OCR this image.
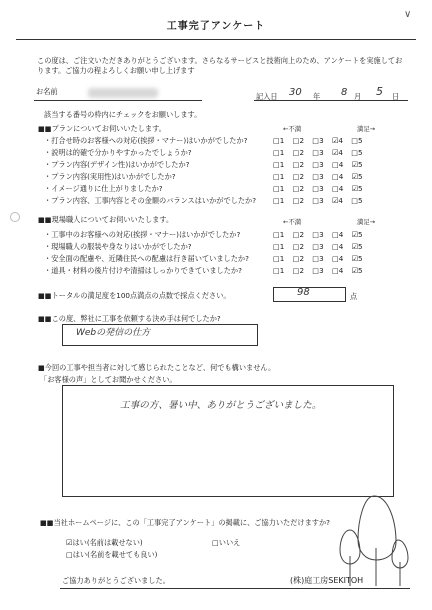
∨
工事完了アンケート
この度は、ご注文いただきありがとうございます。さらなるサービスと技術向上のため、アンケートを実施しております。ご協力の程よろしくお願い申し上げます
お名前
記入日 30 年 8 月 5 日
該当する番号の枠内にチェックをお願いします。
■■プランについてお伺いいたします。	←不満	満足→
・打合せ時のお客様への対応(挨拶・マナー)はいかがでしたか?	□1 □2 □3 ☑4 □5
・説明は的確で分かりやすかったでしょうか?	□1 □2 □3 ☑4 □5
・プラン内容(デザイン性)はいかがでしたか?	□1 □2 □3 □4 ☑5
・プラン内容(実用性)はいかがでしたか?	□1 □2 □3 □4 ☑5
・イメージ通りに仕上がりましたか?	□1 □2 □3 □4 ☑5
・プラン内容、工事内容とその金額のバランスはいかがでしたか? □1 □2 □3 ☑4 □5
■■現場職人についてお伺いいたします。	←不満	満足→
・工事中のお客様への対応(挨拶・マナー)はいかがでしたか?	□1 □2 □3 □4 ☑5
・現場職人の服装や身なりはいかがでしたか?	□1 □2 □3 □4 ☑5
・安全面の配慮や、近隣住民への配慮は行き届いていましたか?	□1 □2 □3 □4 ☑5
・道具・材料の後片付けや清掃はしっかりできていましたか?	□1 □2 □3 □4 ☑5
■■トータルの満足度を100点満点の点数で採点ください。	98	点
■■この度、弊社に工事を依頼する決め手は何でしたか?
Webの発信の仕方
■今回の工事や担当者に対して感じられたことなど、何でも構いません。
「お客様の声」としてお聞かせください。
工事の方、暑い中、ありがとうございました。
■■当社ホームページに、この「工事完了アンケート」の掲載に、ご協力いただけますか?
☑はい(名前は載せない)	□いいえ
□はい(名前を載せても良い)
ご協力ありがとうございました。	(株)庭工房SEKITOH
